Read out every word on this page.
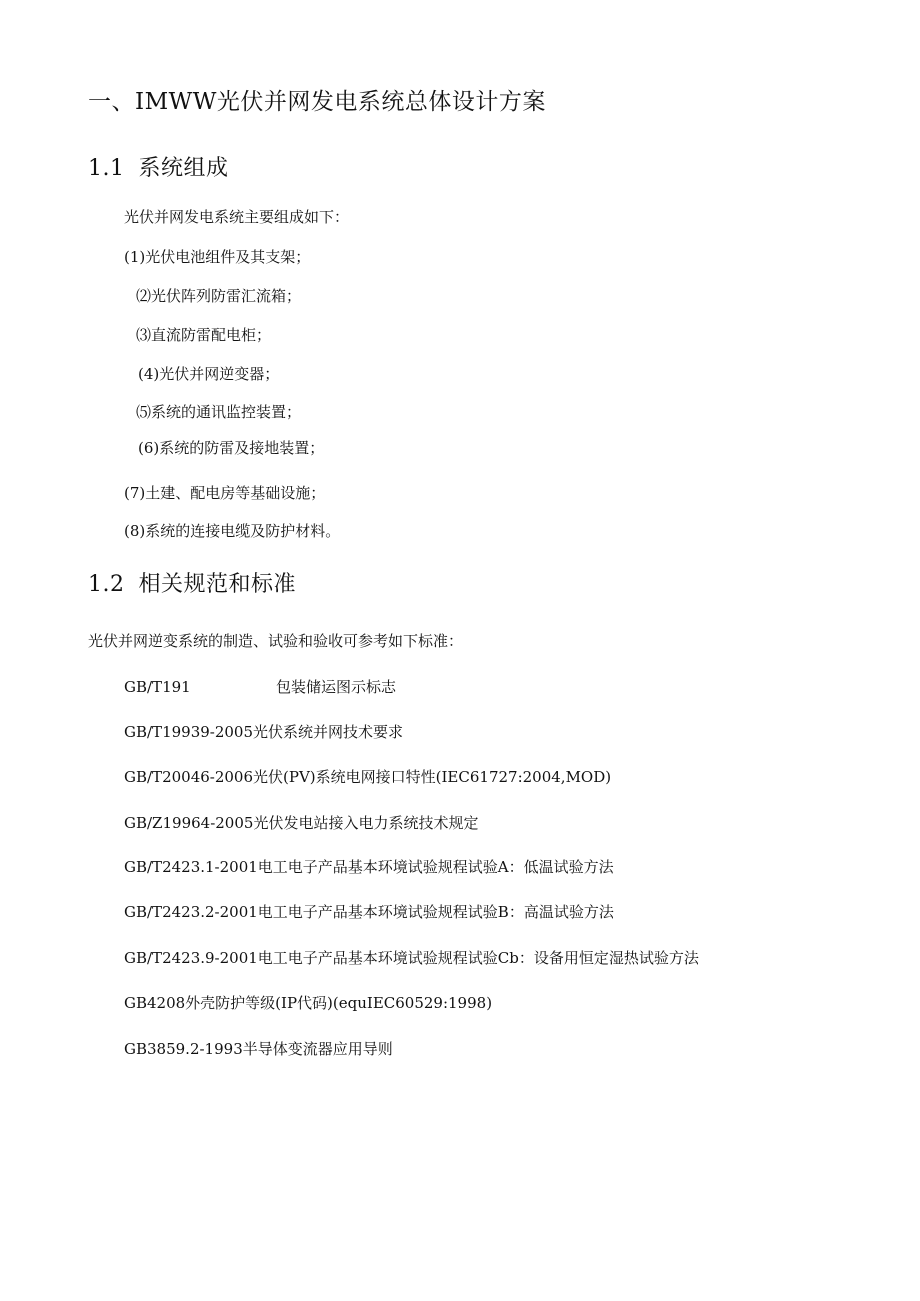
一、IMWW光伏并网发电系统总体设计方案
1.1 系统组成
光伏并网发电系统主要组成如下：
(1)光伏电池组件及其支架；
⑵光伏阵列防雷汇流箱；
⑶直流防雷配电柜；
(4)光伏并网逆变器；
⑸系统的通讯监控装置；
(6)系统的防雷及接地装置；
(7)土建、配电房等基础设施；
(8)系统的连接电缆及防护材料。
1.2 相关规范和标准
光伏并网逆变系统的制造、试验和验收可参考如下标准：
GB/T191	包装储运图示标志
GB/T19939-2005光伏系统并网技术要求
GB/T20046-2006光伏(PV)系统电网接口特性(IEC61727:2004,MOD)
GB/Z19964-2005光伏发电站接入电力系统技术规定
GB/T2423.1-2001电工电子产品基本环境试验规程试验A：低温试验方法
GB/T2423.2-2001电工电子产品基本环境试验规程试验B：高温试验方法
GB/T2423.9-2001电工电子产品基本环境试验规程试验Cb：设备用恒定湿热试验方法
GB4208外壳防护等级(IP代码)(equIEC60529:1998)
GB3859.2-1993半导体变流器应用导则
